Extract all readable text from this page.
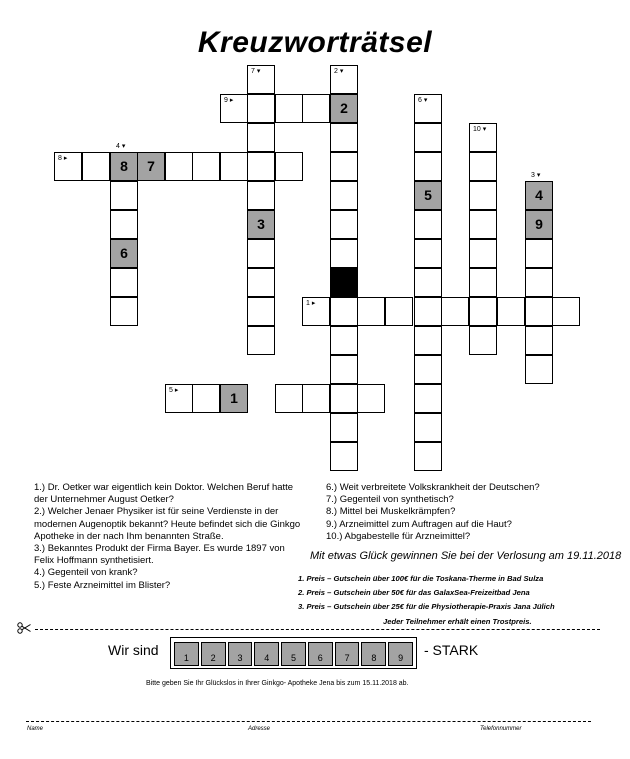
Kreuzworträtsel
9 ▸	2
7 ▾
3
2 ▾
6 ▾
5
10 ▾
3 ▾
4
9
8 ▸
4 ▾
8	7
6
1 ▸
5 ▸	1
1.) Dr. Oetker war eigentlich kein Doktor. Welchen Beruf hatte
der Unternehmer August Oetker?
2.) Welcher Jenaer Physiker ist für seine Verdienste in der
modernen Augenoptik bekannt? Heute befindet sich die Ginkgo
Apotheke in der nach Ihm benannten Straße.
3.) Bekanntes Produkt der Firma Bayer. Es wurde 1897 von
Felix Hoffmann synthetisiert.
4.) Gegenteil von krank?
5.) Feste Arzneimittel im Blister?
6.) Weit verbreitete Volkskrankheit der Deutschen?
7.) Gegenteil von synthetisch?
8.) Mittel bei Muskelkrämpfen?
9.) Arzneimittel zum Auftragen auf die Haut?
10.) Abgabestelle für Arzneimittel?
Mit etwas Glück gewinnen Sie bei der Verlosung am 19.11.2018
1. Preis – Gutschein über 100€ für die Toskana-Therme in Bad Sulza
2. Preis – Gutschein über 50€ für das GalaxSea-Freizeitbad Jena
3. Preis – Gutschein über 25€ für die Physiotherapie-Praxis Jana Jülich
Jeder Teilnehmer erhält einen Trostpreis.
Wir sind	1	2	3	4	5	6	7	8	9	- STARK
Bitte geben Sie Ihr Glückslos in Ihrer Ginkgo- Apotheke Jena bis zum 15.11.2018 ab.
Name	Adresse	Telefonnummer
